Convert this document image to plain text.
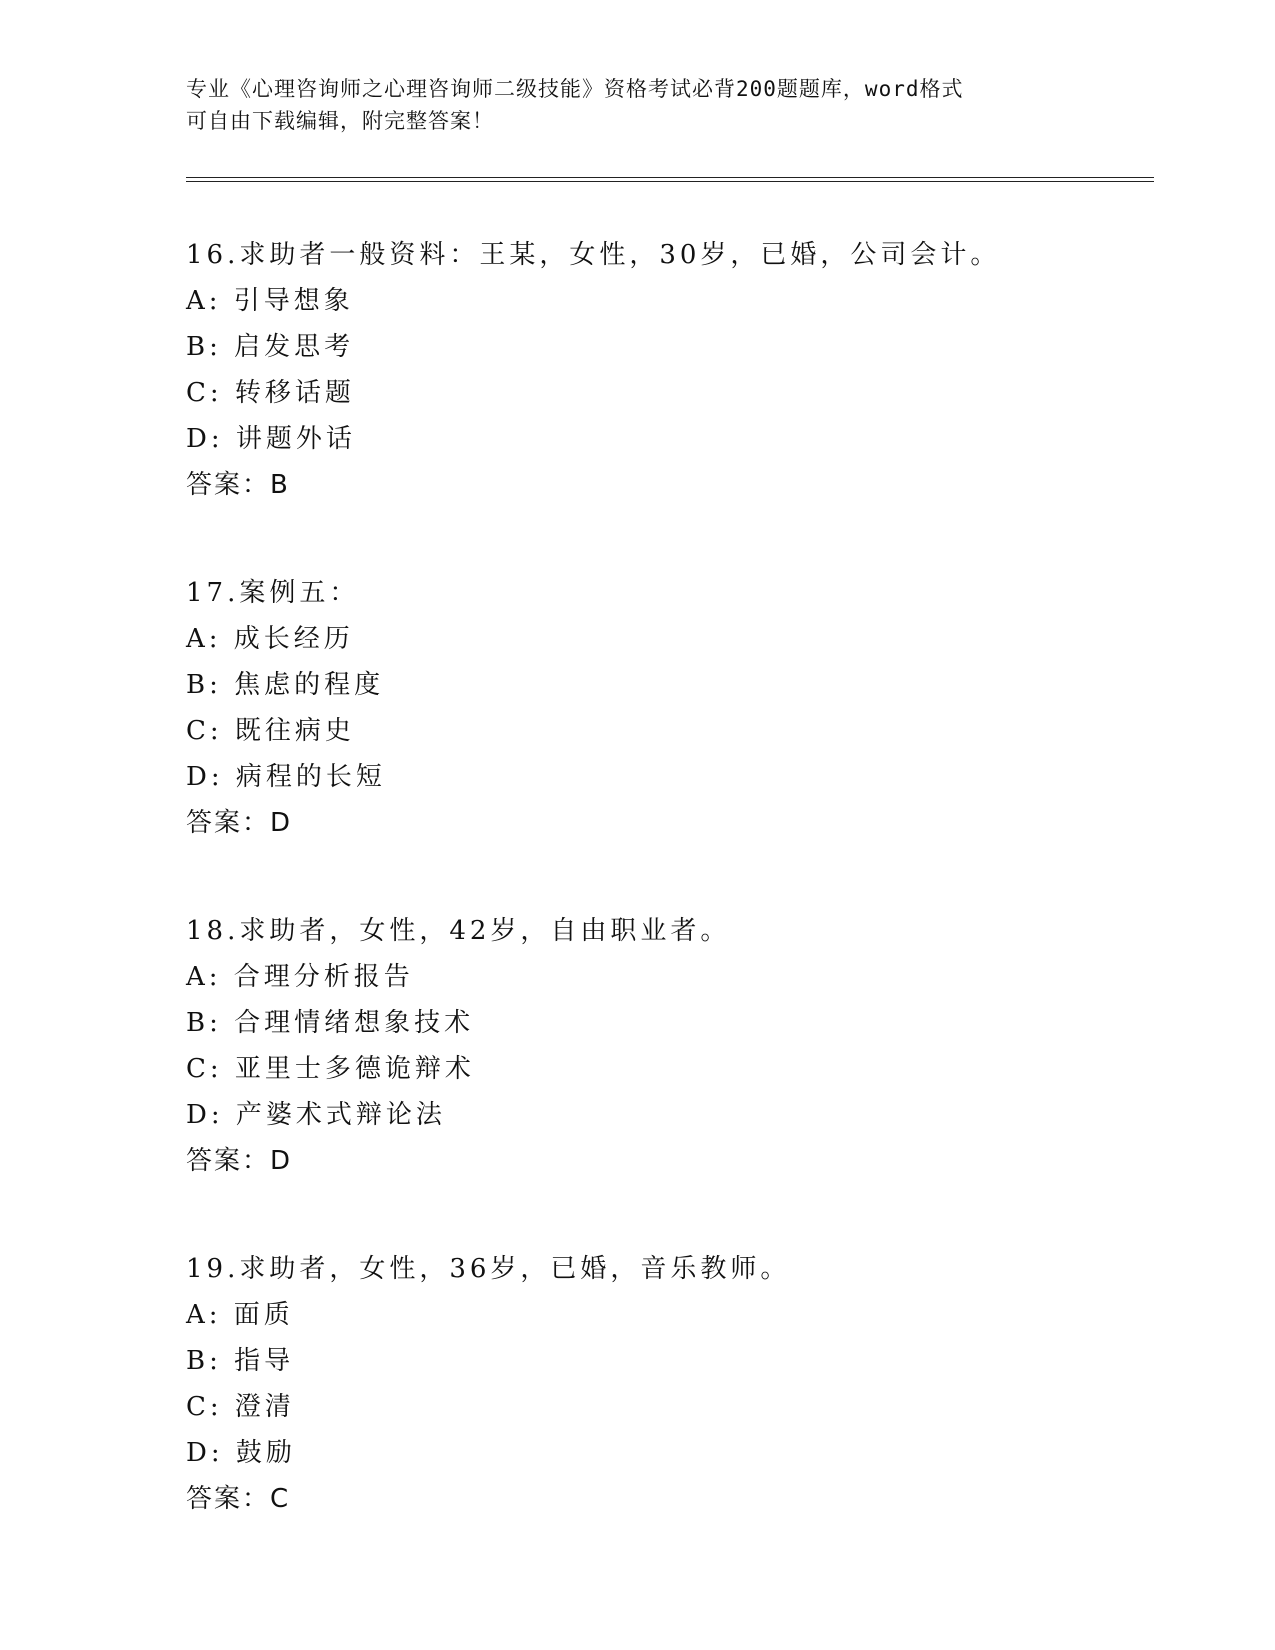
专业《心理咨询师之心理咨询师二级技能》资格考试必背200题题库，word格式
可自由下载编辑，附完整答案！
16.求助者一般资料：王某，女性，30岁，已婚，公司会计。
A: 引导想象
B: 启发思考
C: 转移话题
D: 讲题外话
答案：B
17.案例五：
A: 成长经历
B: 焦虑的程度
C: 既往病史
D: 病程的长短
答案：D
18.求助者，女性，42岁，自由职业者。
A: 合理分析报告
B: 合理情绪想象技术
C: 亚里士多德诡辩术
D: 产婆术式辩论法
答案：D
19.求助者，女性，36岁，已婚，音乐教师。
A: 面质
B: 指导
C: 澄清
D: 鼓励
答案：C
